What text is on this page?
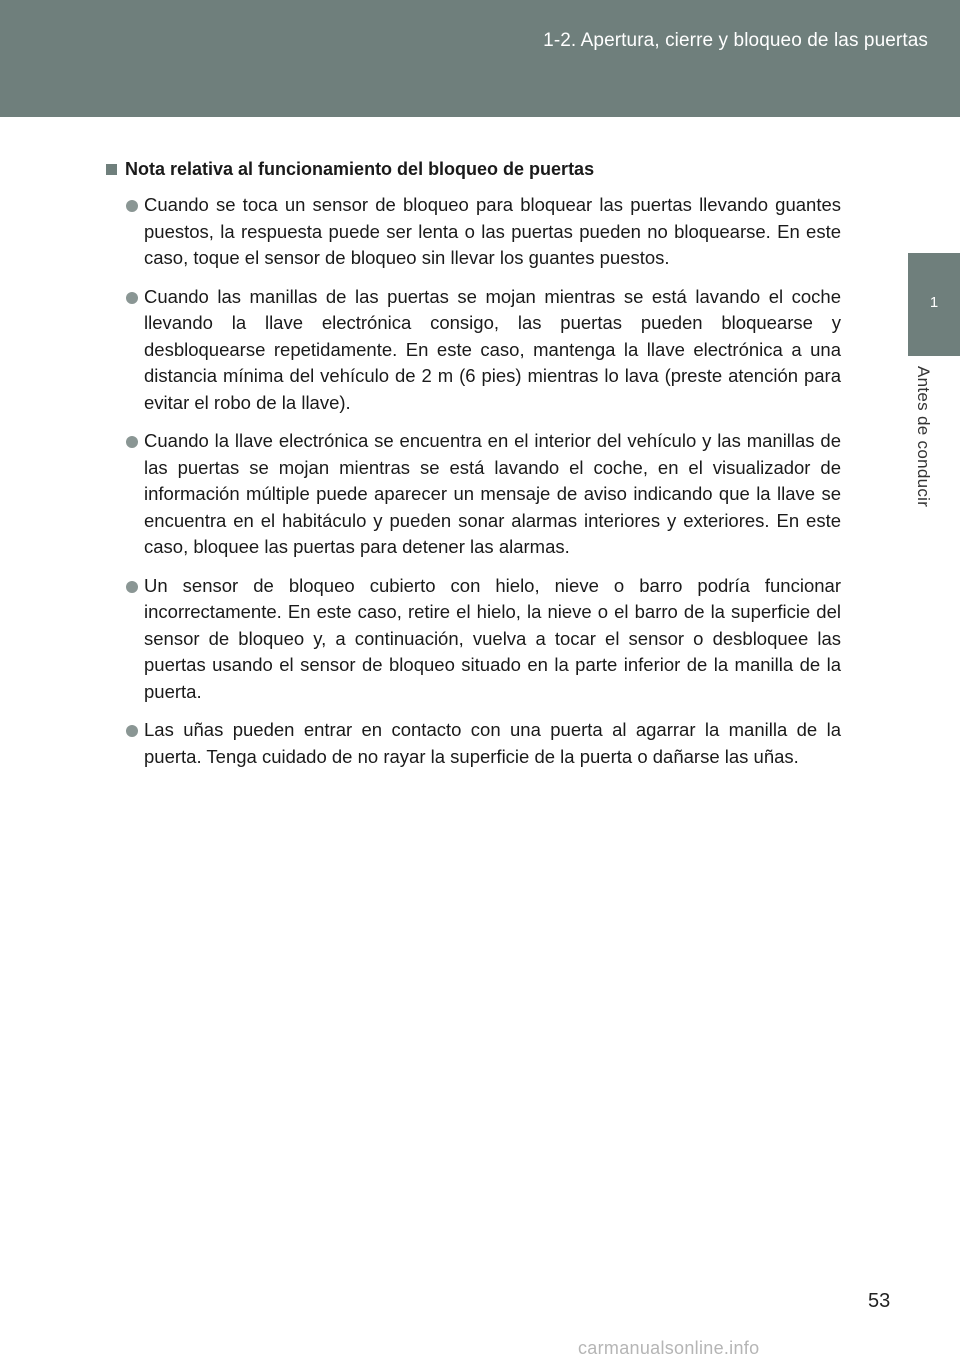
1-2. Apertura, cierre y bloqueo de las puertas
1
Antes de conducir
Nota relativa al funcionamiento del bloqueo de puertas
Cuando se toca un sensor de bloqueo para bloquear las puertas llevando guantes puestos, la respuesta puede ser lenta o las puertas pueden no bloquearse. En este caso, toque el sensor de bloqueo sin llevar los guantes puestos.
Cuando las manillas de las puertas se mojan mientras se está lavando el coche llevando la llave electrónica consigo, las puertas pueden bloquearse y desbloquearse repetidamente. En este caso, mantenga la llave electrónica a una distancia mínima del vehículo de 2 m (6 pies) mientras lo lava (preste atención para evitar el robo de la llave).
Cuando la llave electrónica se encuentra en el interior del vehículo y las manillas de las puertas se mojan mientras se está lavando el coche, en el visualizador de información múltiple puede aparecer un mensaje de aviso indicando que la llave se encuentra en el habitáculo y pueden sonar alarmas interiores y exteriores. En este caso, bloquee las puertas para detener las alarmas.
Un sensor de bloqueo cubierto con hielo, nieve o barro podría funcionar incorrectamente. En este caso, retire el hielo, la nieve o el barro de la superficie del sensor de bloqueo y, a continuación, vuelva a tocar el sensor o desbloquee las puertas usando el sensor de bloqueo situado en la parte inferior de la manilla de la puerta.
Las uñas pueden entrar en contacto con una puerta al agarrar la manilla de la puerta. Tenga cuidado de no rayar la superficie de la puerta o dañarse las uñas.
53
carmanualsonline.info
